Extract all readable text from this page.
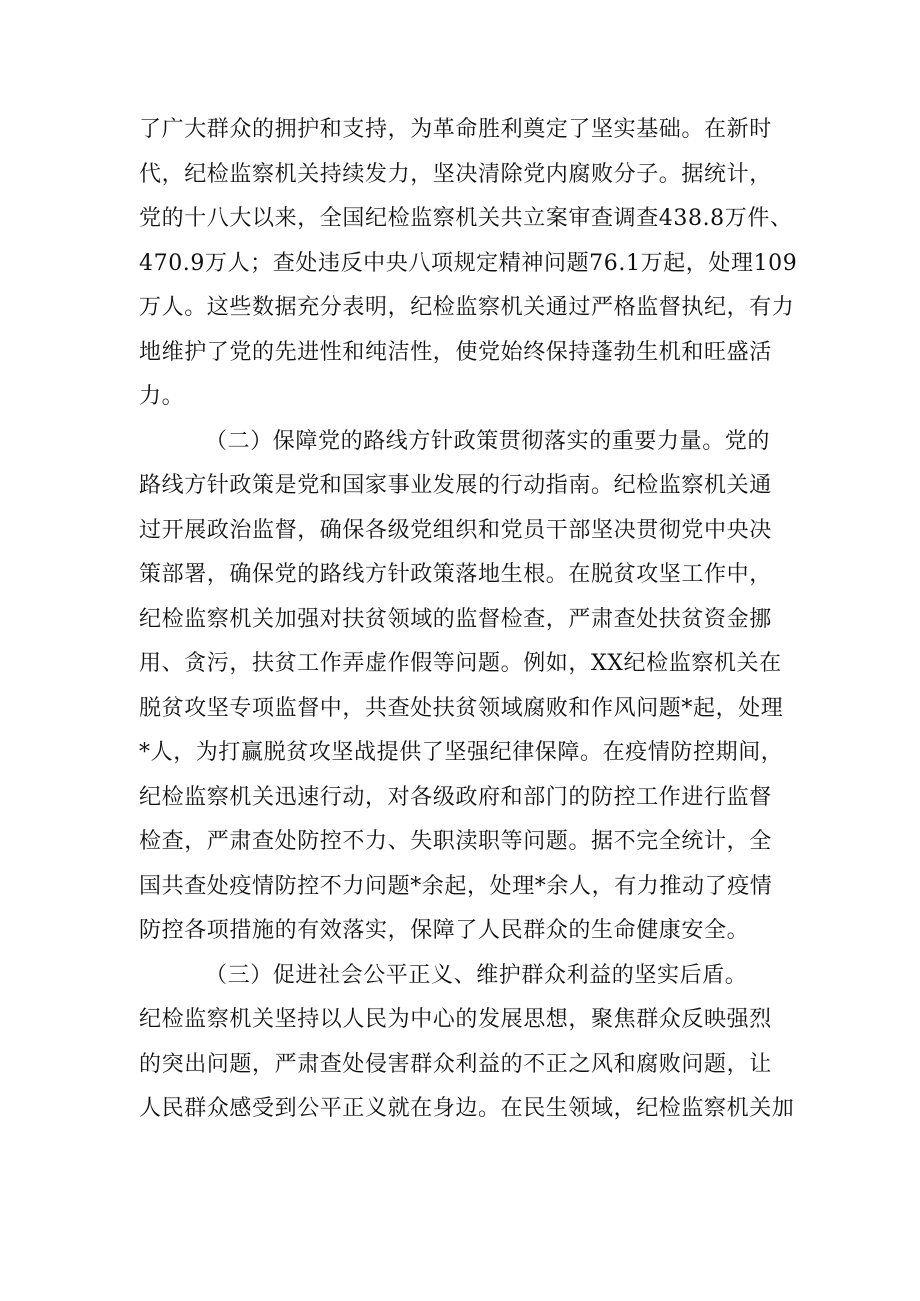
了广大群众的拥护和支持，为革命胜利奠定了坚实基础。在新时
代，纪检监察机关持续发力，坚决清除党内腐败分子。据统计，
党的十八大以来，全国纪检监察机关共立案审查调查438.8万件、
470.9万人；查处违反中央八项规定精神问题76.1万起，处理109
万人。这些数据充分表明，纪检监察机关通过严格监督执纪，有力
地维护了党的先进性和纯洁性，使党始终保持蓬勃生机和旺盛活
力。
（二）保障党的路线方针政策贯彻落实的重要力量。党的
路线方针政策是党和国家事业发展的行动指南。纪检监察机关通
过开展政治监督，确保各级党组织和党员干部坚决贯彻党中央决
策部署，确保党的路线方针政策落地生根。在脱贫攻坚工作中，
纪检监察机关加强对扶贫领域的监督检查，严肃查处扶贫资金挪
用、贪污，扶贫工作弄虚作假等问题。例如，XX纪检监察机关在
脱贫攻坚专项监督中，共查处扶贫领域腐败和作风问题*起，处理
*人，为打赢脱贫攻坚战提供了坚强纪律保障。在疫情防控期间，
纪检监察机关迅速行动，对各级政府和部门的防控工作进行监督
检查，严肃查处防控不力、失职渎职等问题。据不完全统计，全
国共查处疫情防控不力问题*余起，处理*余人，有力推动了疫情
防控各项措施的有效落实，保障了人民群众的生命健康安全。
（三）促进社会公平正义、维护群众利益的坚实后盾。
纪检监察机关坚持以人民为中心的发展思想，聚焦群众反映强烈
的突出问题，严肃查处侵害群众利益的不正之风和腐败问题，让
人民群众感受到公平正义就在身边。在民生领域，纪检监察机关加
